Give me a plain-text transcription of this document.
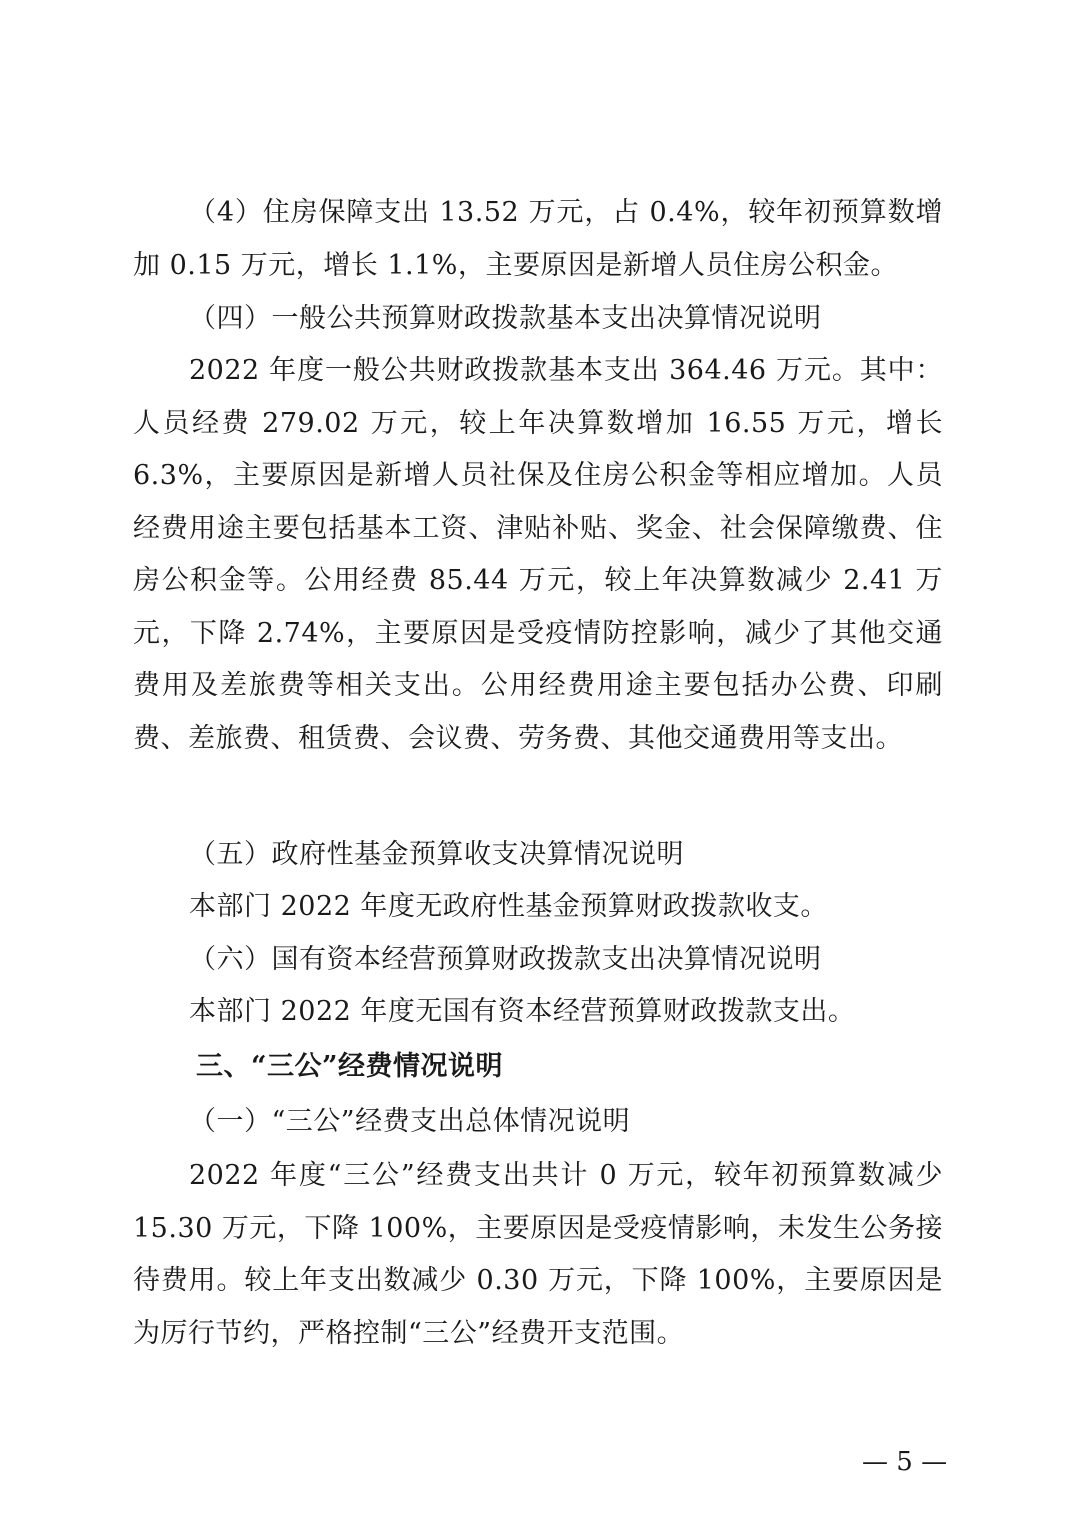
（4）住房保障支出 13.52 万元，占 0.4%，较年初预算数增加 0.15 万元，增长 1.1%，主要原因是新增人员住房公积金。

（四）一般公共预算财政拨款基本支出决算情况说明

2022 年度一般公共财政拨款基本支出 364.46 万元。其中：人员经费 279.02 万元，较上年决算数增加 16.55 万元，增长 6.3%，主要原因是新增人员社保及住房公积金等相应增加。人员经费用途主要包括基本工资、津贴补贴、奖金、社会保障缴费、住房公积金等。公用经费 85.44 万元，较上年决算数减少 2.41 万元，下降 2.74%，主要原因是受疫情防控影响，减少了其他交通费用及差旅费等相关支出。公用经费用途主要包括办公费、印刷费、差旅费、租赁费、会议费、劳务费、其他交通费用等支出。

（五）政府性基金预算收支决算情况说明

本部门 2022 年度无政府性基金预算财政拨款收支。

（六）国有资本经营预算财政拨款支出决算情况说明

本部门 2022 年度无国有资本经营预算财政拨款支出。

三、“三公”经费情况说明

（一）“三公”经费支出总体情况说明

2022 年度“三公”经费支出共计 0 万元，较年初预算数减少 15.30 万元，下降 100%，主要原因是受疫情影响，未发生公务接待费用。较上年支出数减少 0.30 万元，下降 100%，主要原因是为厉行节约，严格控制“三公”经费开支范围。

— 5 —
